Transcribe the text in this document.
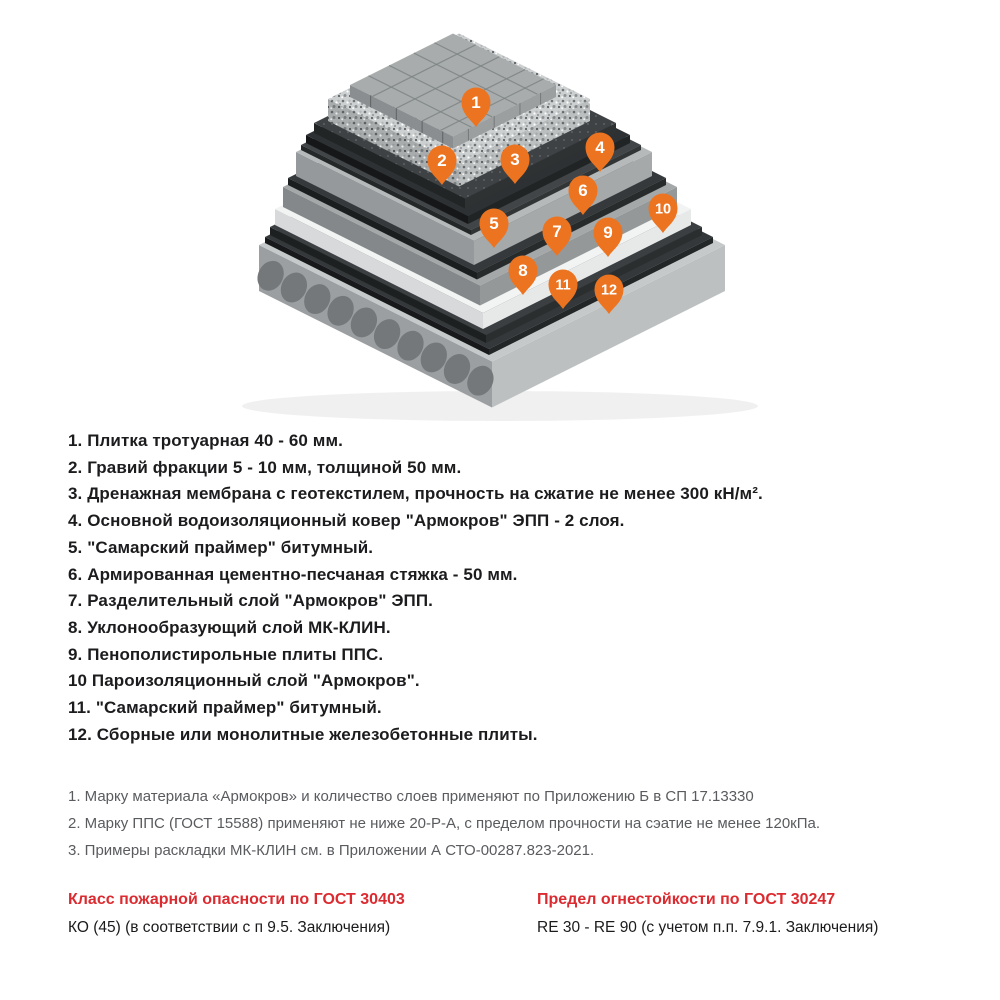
1
2	3
4
5
6
7
8
9
10
11 12
1. Плитка тротуарная 40 - 60 мм.
2. Гравий фракции 5 - 10 мм, толщиной 50 мм.
3. Дренажная мембрана с геотекстилем, прочность на сжатие не менее 300 кН/м².
4. Основной водоизоляционный ковер "Армокров" ЭПП - 2 слоя.
5. "Самарский праймер" битумный.
6. Армированная цементно-песчаная стяжка - 50 мм.
7. Разделительный слой "Армокров" ЭПП.
8. Уклонообразующий слой МК-КЛИН.
9. Пенополистирольные плиты ППС.
10 Пароизоляционный слой "Армокров".
11. "Самарский праймер" битумный.
12. Сборные или монолитные железобетонные плиты.
1. Марку материала «Армокров» и количество слоев применяют по Приложению Б в СП 17.13330
2. Марку ППС (ГОСТ 15588) применяют не ниже 20-Р-А, с пределом прочности на сэатие не менее 120кПа.
3. Примеры раскладки МК-КЛИН см. в Приложении А СТО-00287.823-2021.
Класс пожарной опасности по ГОСТ 30403
КО (45) (в соответствии с п 9.5. Заключения)
Предел огнестойкости по ГОСТ 30247
RE 30 - RE 90 (с учетом п.п. 7.9.1. Заключения)
